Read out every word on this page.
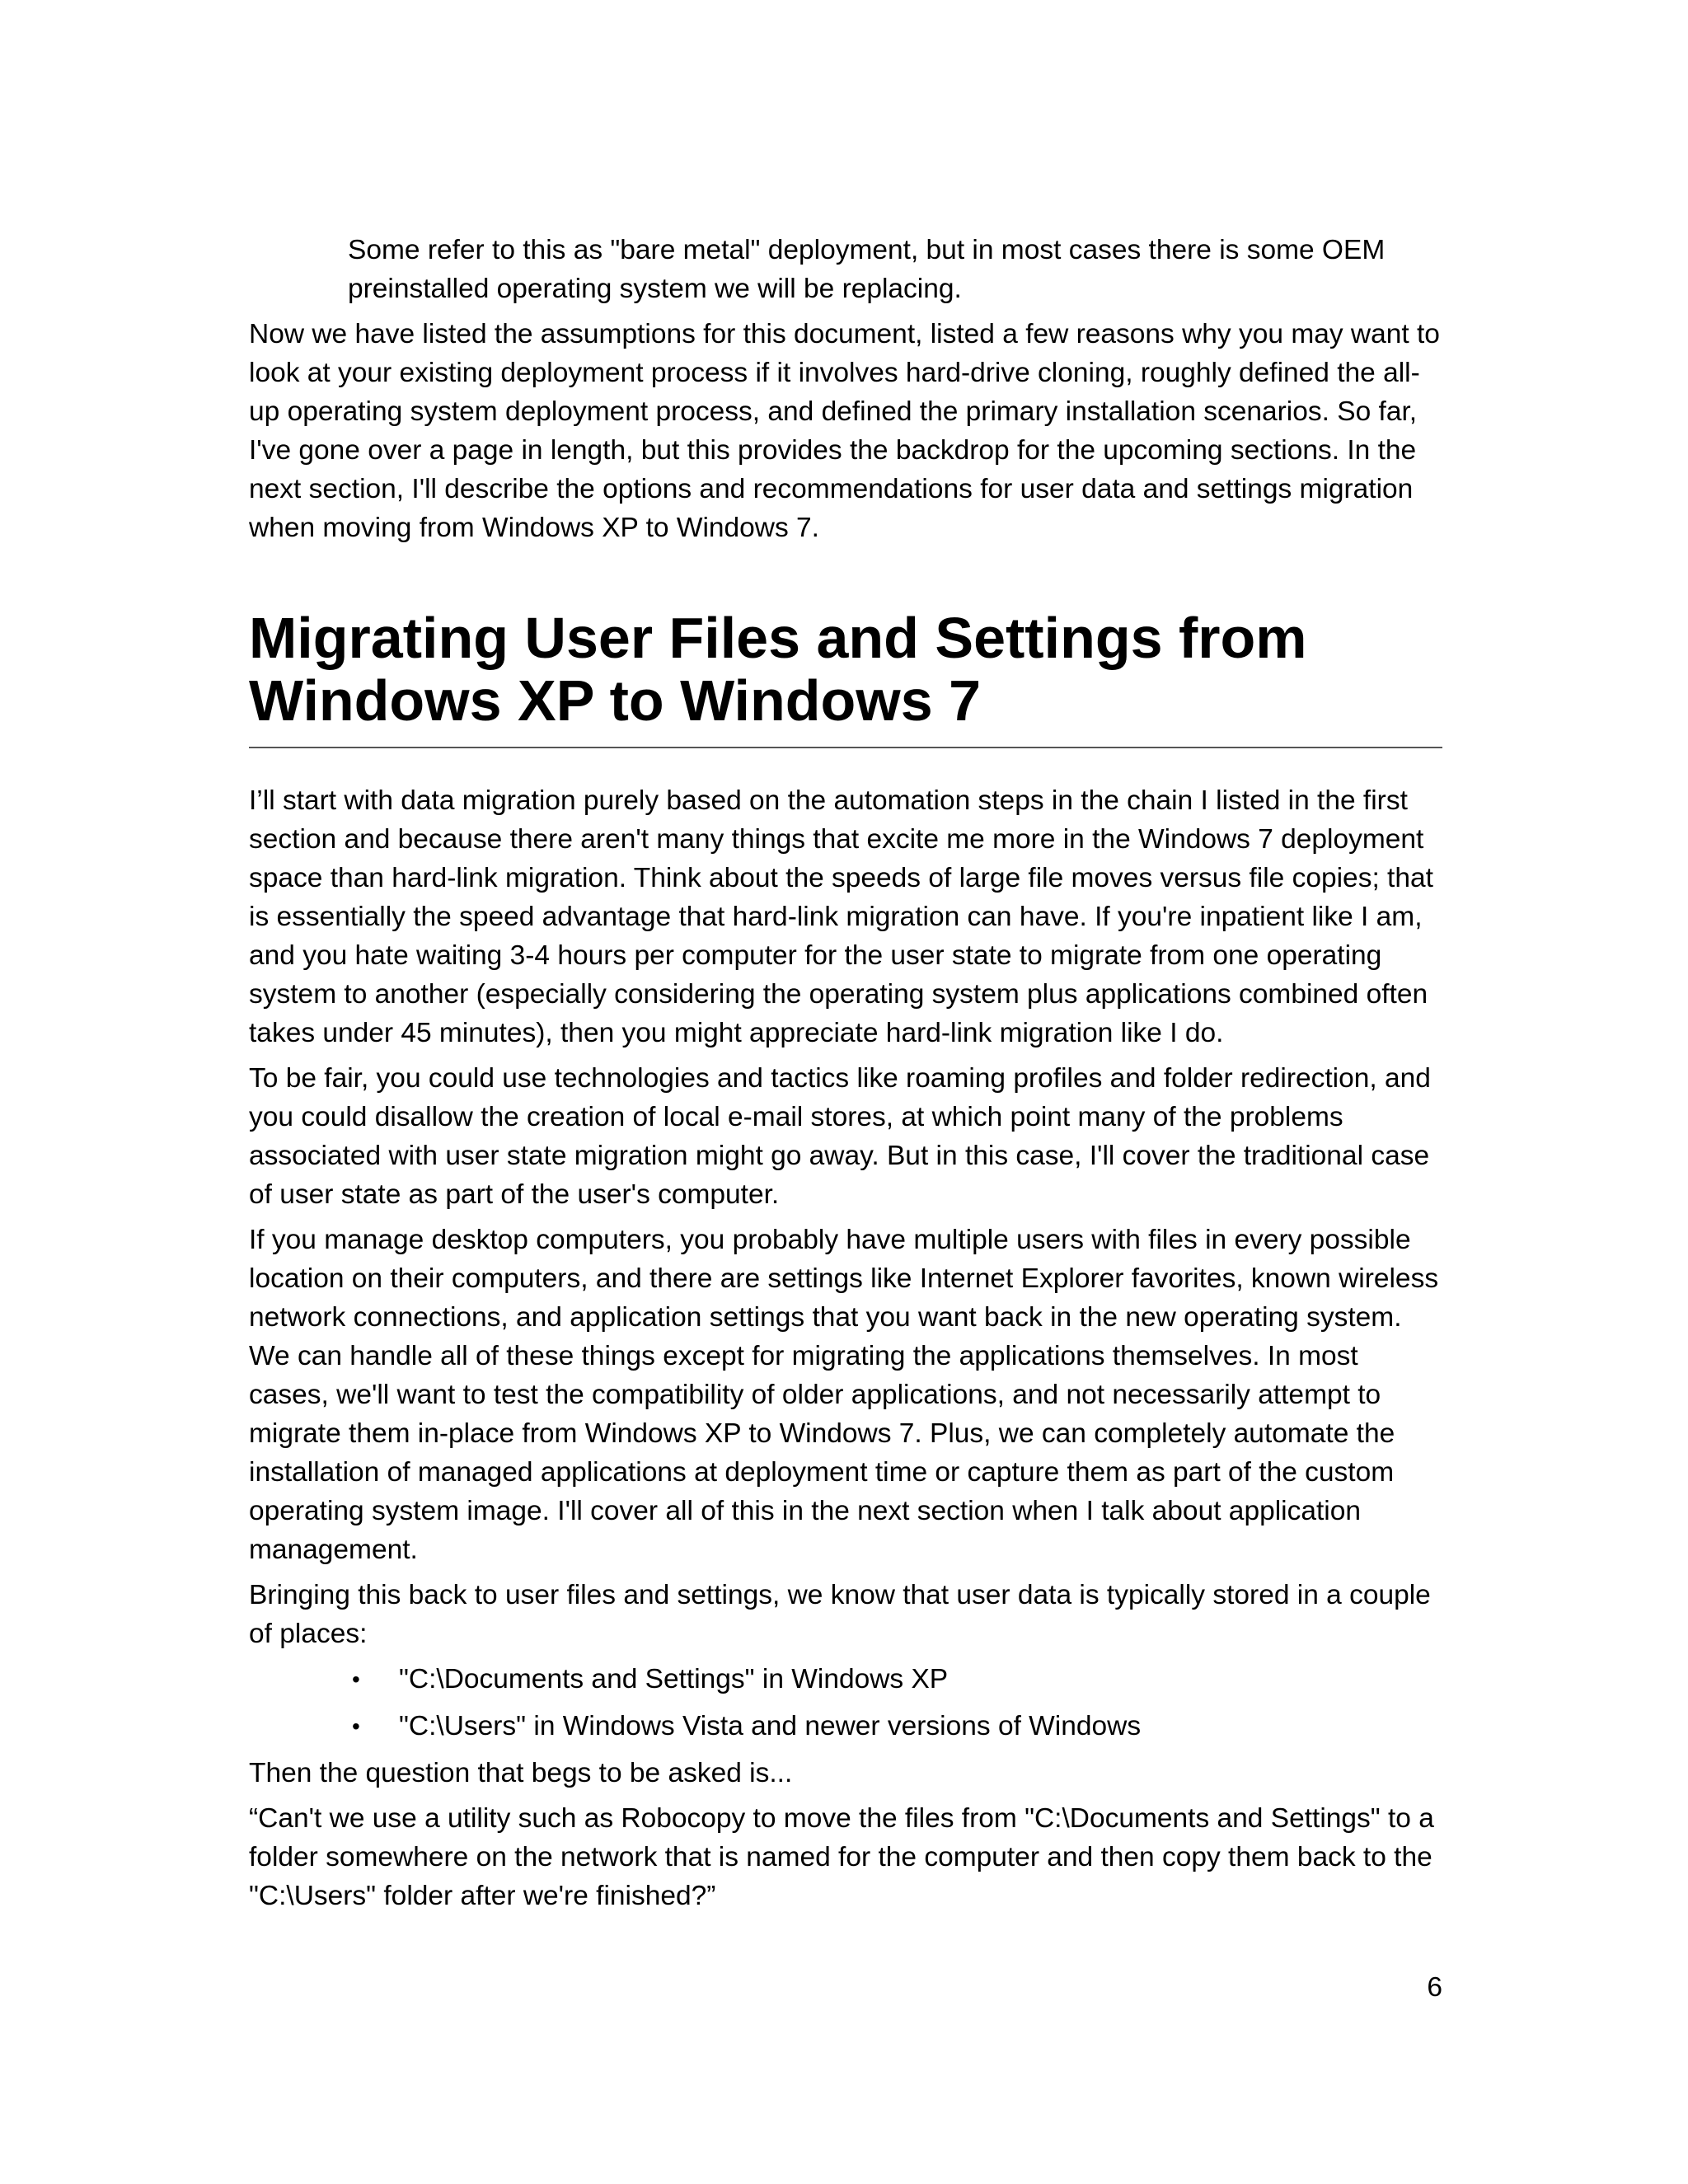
Some refer to this as "bare metal" deployment, but in most cases there is some OEM preinstalled operating system we will be replacing.

Now we have listed the assumptions for this document, listed a few reasons why you may want to look at your existing deployment process if it involves hard-drive cloning, roughly defined the all-up operating system deployment process, and defined the primary installation scenarios. So far, I've gone over a page in length, but this provides the backdrop for the upcoming sections. In the next section, I'll describe the options and recommendations for user data and settings migration when moving from Windows XP to Windows 7.

Migrating User Files and Settings from Windows XP to Windows 7

I’ll start with data migration purely based on the automation steps in the chain I listed in the first section and because there aren't many things that excite me more in the Windows 7 deployment space than hard-link migration. Think about the speeds of large file moves versus file copies; that is essentially the speed advantage that hard-link migration can have. If you're inpatient like I am, and you hate waiting 3-4 hours per computer for the user state to migrate from one operating system to another (especially considering the operating system plus applications combined often takes under 45 minutes), then you might appreciate hard-link migration like I do.

To be fair, you could use technologies and tactics like roaming profiles and folder redirection, and you could disallow the creation of local e-mail stores, at which point many of the problems associated with user state migration might go away. But in this case, I'll cover the traditional case of user state as part of the user's computer.

If you manage desktop computers, you probably have multiple users with files in every possible location on their computers, and there are settings like Internet Explorer favorites, known wireless network connections, and application settings that you want back in the new operating system. We can handle all of these things except for migrating the applications themselves. In most cases, we'll want to test the compatibility of older applications, and not necessarily attempt to migrate them in-place from Windows XP to Windows 7. Plus, we can completely automate the installation of managed applications at deployment time or capture them as part of the custom operating system image. I'll cover all of this in the next section when I talk about application management.

Bringing this back to user files and settings, we know that user data is typically stored in a couple of places:

• "C:\Documents and Settings" in Windows XP
• "C:\Users" in Windows Vista and newer versions of Windows

Then the question that begs to be asked is...

“Can't we use a utility such as Robocopy to move the files from "C:\Documents and Settings" to a folder somewhere on the network that is named for the computer and then copy them back to the "C:\Users" folder after we're finished?”

6
